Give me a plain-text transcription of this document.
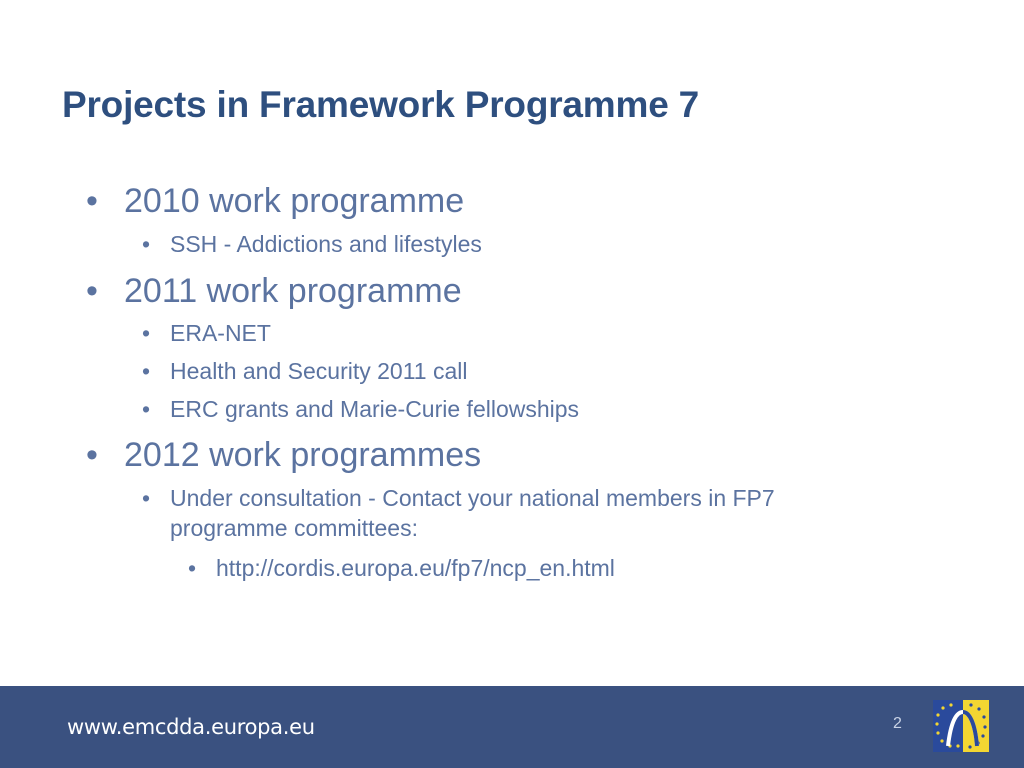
Projects in Framework Programme 7
• 2010 work programme
• SSH - Addictions and lifestyles
• 2011 work programme
• ERA-NET
• Health and Security 2011 call
• ERC grants and Marie-Curie fellowships
• 2012 work programmes
• Under consultation - Contact your national members in FP7
programme committees:
• http://cordis.europa.eu/fp7/ncp_en.html
www.emcdda.europa.eu	2
